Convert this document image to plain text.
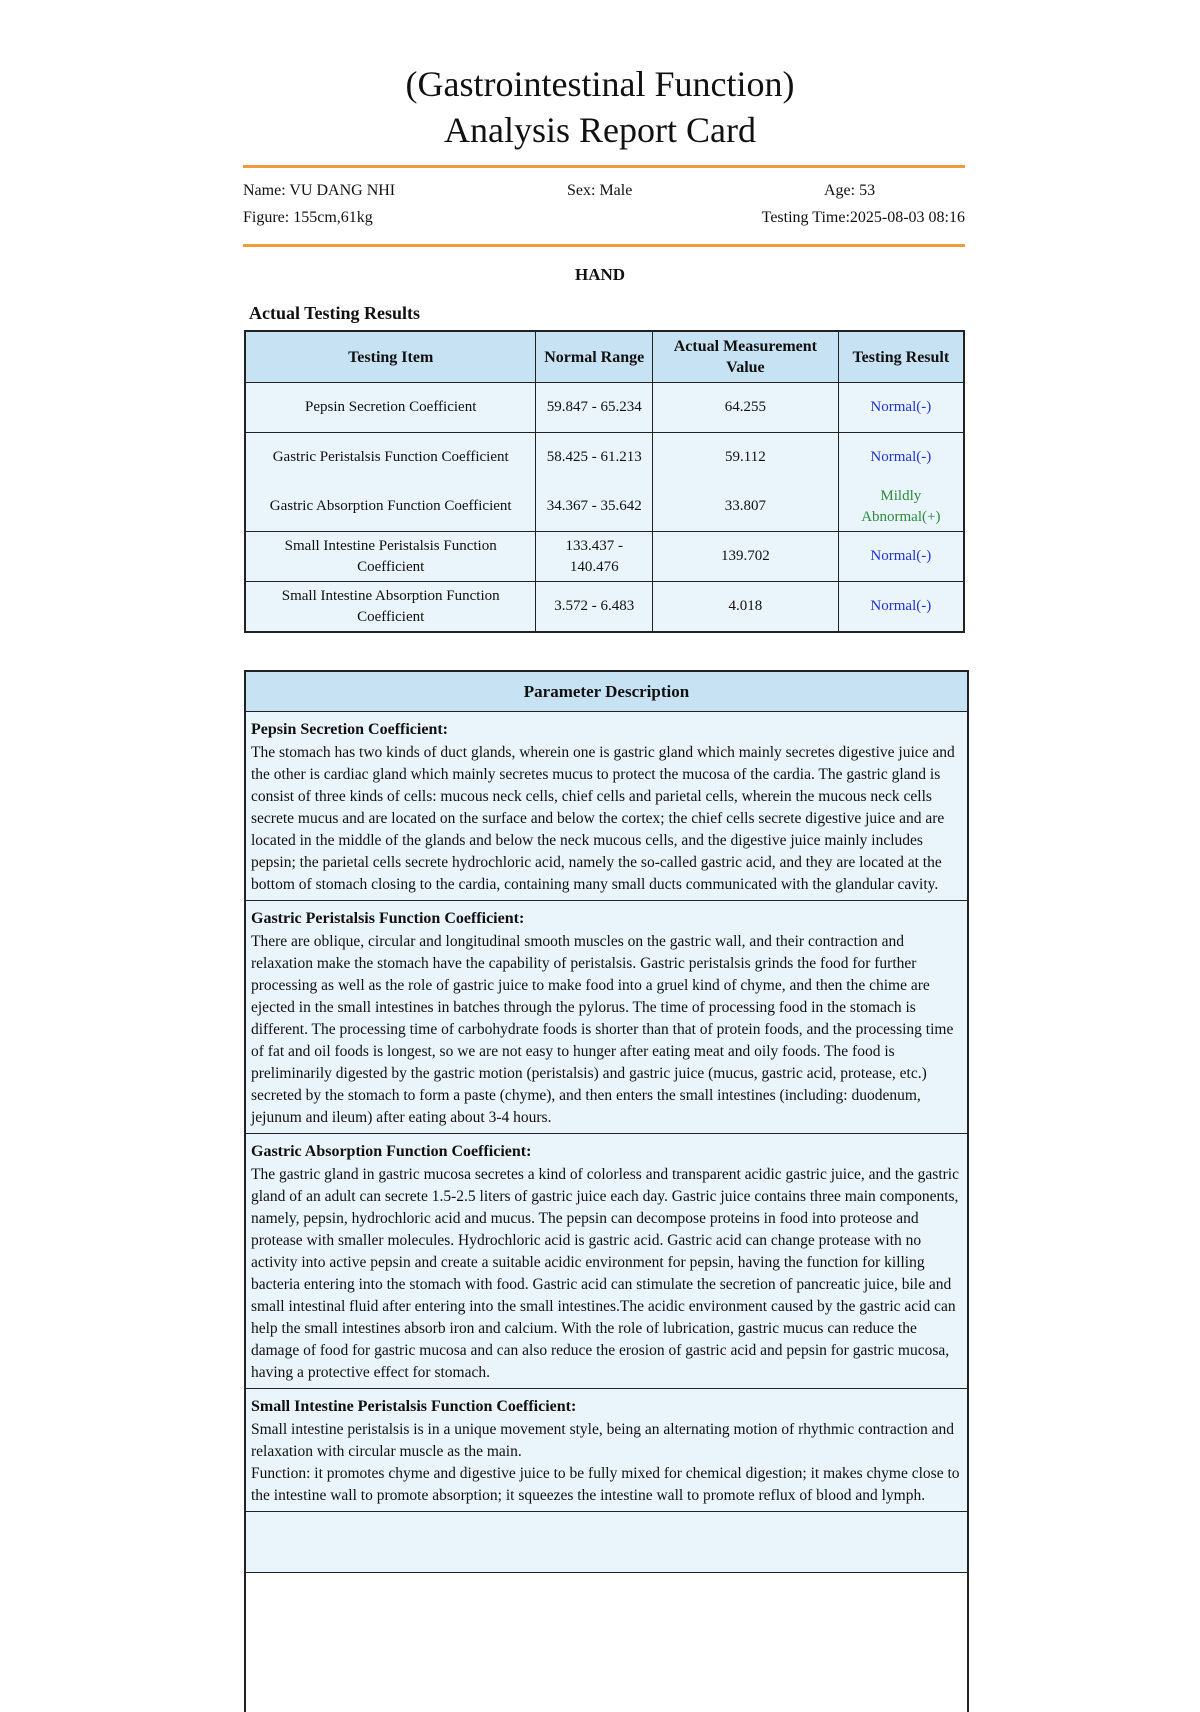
(Gastrointestinal Function)
Analysis Report Card
Name: VU DANG NHI	Sex: Male	Age: 53
Figure: 155cm,61kg	Testing Time:2025-08-03 08:16
HAND
Actual Testing Results
Testing Item	Normal Range	Actual Measurement Value	Testing Result
Pepsin Secretion Coefficient	59.847 - 65.234	64.255	Normal(-)
Gastric Peristalsis Function Coefficient	58.425 - 61.213	59.112	Normal(-)
Gastric Absorption Function Coefficient	34.367 - 35.642	33.807	Mildly Abnormal(+)
Small Intestine Peristalsis Function Coefficient	133.437 - 140.476	139.702	Normal(-)
Small Intestine Absorption Function Coefficient	3.572 - 6.483	4.018	Normal(-)
Parameter Description
Pepsin Secretion Coefficient:

The stomach has two kinds of duct glands, wherein one is gastric gland which mainly secretes digestive juice and the other is cardiac gland which mainly secretes mucus to protect the mucosa of the cardia. The gastric gland is consist of three kinds of cells: mucous neck cells, chief cells and parietal cells, wherein the mucous neck cells secrete mucus and are located on the surface and below the cortex; the chief cells secrete digestive juice and are located in the middle of the glands and below the neck mucous cells, and the digestive juice mainly includes pepsin; the parietal cells secrete hydrochloric acid, namely the so-called gastric acid, and they are located at the bottom of stomach closing to the cardia, containing many small ducts communicated with the glandular cavity.

Gastric Peristalsis Function Coefficient:

There are oblique, circular and longitudinal smooth muscles on the gastric wall, and their contraction and relaxation make the stomach have the capability of peristalsis. Gastric peristalsis grinds the food for further processing as well as the role of gastric juice to make food into a gruel kind of chyme, and then the chime are ejected in the small intestines in batches through the pylorus. The time of processing food in the stomach is different. The processing time of carbohydrate foods is shorter than that of protein foods, and the processing time of fat and oil foods is longest, so we are not easy to hunger after eating meat and oily foods. The food is preliminarily digested by the gastric motion (peristalsis) and gastric juice (mucus, gastric acid, protease, etc.) secreted by the stomach to form a paste (chyme), and then enters the small intestines (including: duodenum, jejunum and ileum) after eating about 3-4 hours.

Gastric Absorption Function Coefficient:

The gastric gland in gastric mucosa secretes a kind of colorless and transparent acidic gastric juice, and the gastric gland of an adult can secrete 1.5-2.5 liters of gastric juice each day. Gastric juice contains three main components, namely, pepsin, hydrochloric acid and mucus. The pepsin can decompose proteins in food into proteose and protease with smaller molecules. Hydrochloric acid is gastric acid. Gastric acid can change protease with no activity into active pepsin and create a suitable acidic environment for pepsin, having the function for killing bacteria entering into the stomach with food. Gastric acid can stimulate the secretion of pancreatic juice, bile and small intestinal fluid after entering into the small intestines.The acidic environment caused by the gastric acid can help the small intestines absorb iron and calcium. With the role of lubrication, gastric mucus can reduce the damage of food for gastric mucosa and can also reduce the erosion of gastric acid and pepsin for gastric mucosa, having a protective effect for stomach.

Small Intestine Peristalsis Function Coefficient:

Small intestine peristalsis is in a unique movement style, being an alternating motion of rhythmic contraction and relaxation with circular muscle as the main.

Function: it promotes chyme and digestive juice to be fully mixed for chemical digestion; it makes chyme close to the intestine wall to promote absorption; it squeezes the intestine wall to promote reflux of blood and lymph.
